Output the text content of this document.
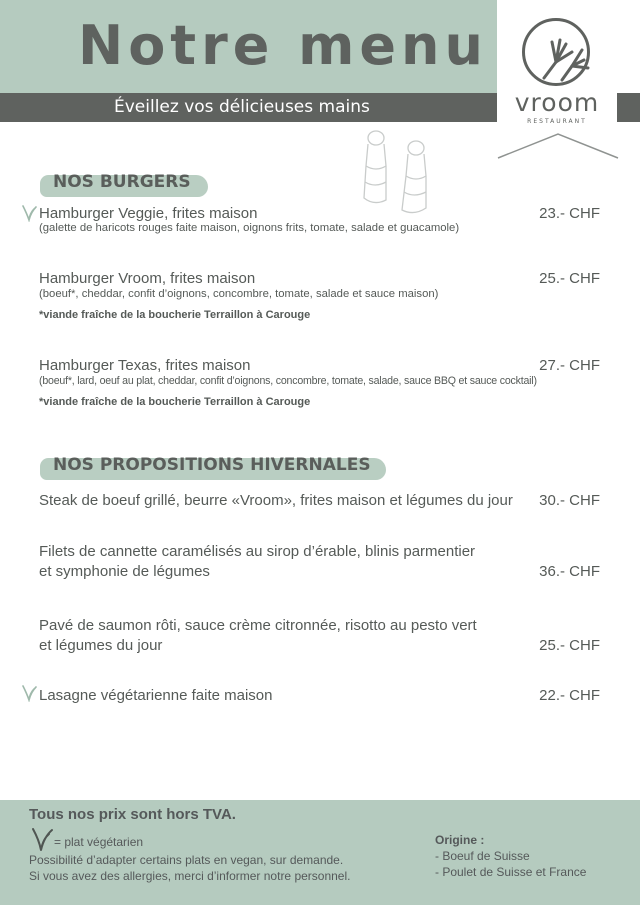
Notre menu
Éveillez vos délicieuses mains	vroom
RESTAURANT
NOS BURGERS
Hamburger Veggie, frites maison	23.- CHF
(galette de haricots rouges faite maison, oignons frits, tomate, salade et guacamole)
Hamburger Vroom, frites maison	25.- CHF
(boeuf*, cheddar, confit d’oignons, concombre, tomate, salade et sauce maison)
*viande fraîche de la boucherie Terraillon à Carouge
Hamburger Texas, frites maison	27.- CHF
(boeuf*, lard, oeuf au plat, cheddar, confit d’oignons, concombre, tomate, salade, sauce BBQ et sauce cocktail)
*viande fraîche de la boucherie Terraillon à Carouge
NOS PROPOSITIONS HIVERNALES
Steak de boeuf grillé, beurre «Vroom», frites maison et légumes du jour 30.- CHF
Filets de cannette caramélisés au sirop d’érable, blinis parmentier
et symphonie de légumes	36.- CHF
Pavé de saumon rôti, sauce crème citronnée, risotto au pesto vert
et légumes du jour	25.- CHF
Lasagne végétarienne faite maison	22.- CHF
Tous nos prix sont hors TVA.
= plat végétarien
Possibilité d’adapter certains plats en vegan, sur demande.
Si vous avez des allergies, merci d’informer notre personnel.
Origine :
- Boeuf de Suisse
- Poulet de Suisse et France
